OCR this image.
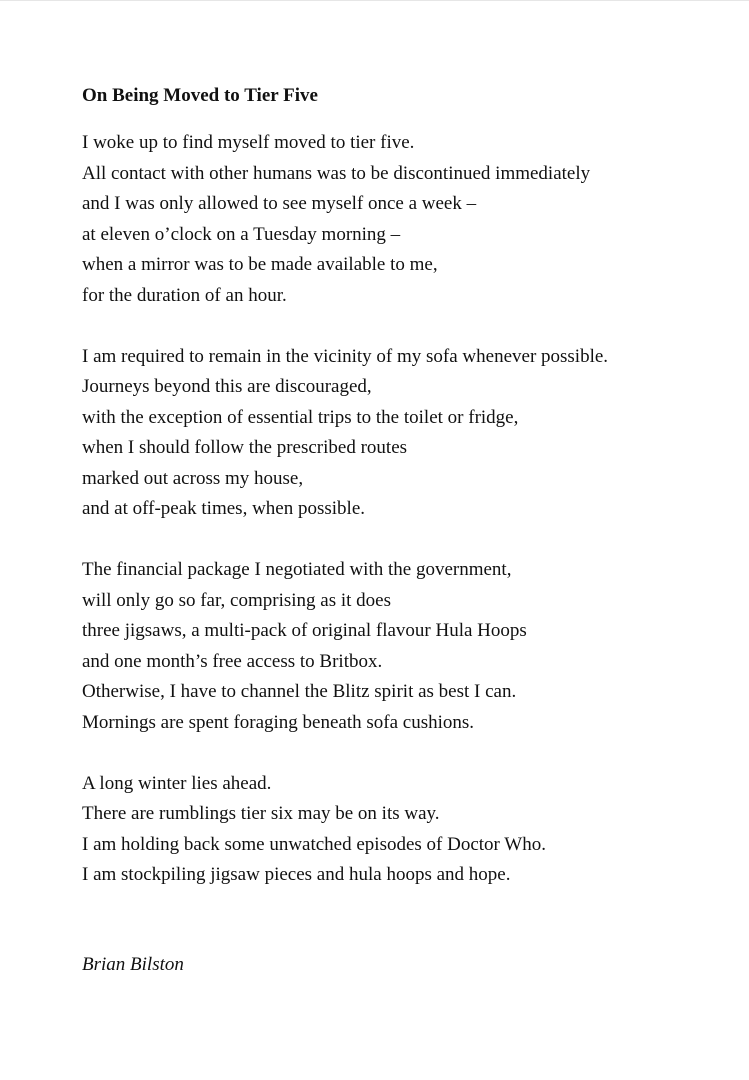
On Being Moved to Tier Five
I woke up to find myself moved to tier five.
All contact with other humans was to be discontinued immediately
and I was only allowed to see myself once a week –
at eleven o’clock on a Tuesday morning –
when a mirror was to be made available to me,
for the duration of an hour.
I am required to remain in the vicinity of my sofa whenever possible.
Journeys beyond this are discouraged,
with the exception of essential trips to the toilet or fridge,
when I should follow the prescribed routes
marked out across my house,
and at off-peak times, when possible.
The financial package I negotiated with the government,
will only go so far, comprising as it does
three jigsaws, a multi-pack of original flavour Hula Hoops
and one month’s free access to Britbox.
Otherwise, I have to channel the Blitz spirit as best I can.
Mornings are spent foraging beneath sofa cushions.
A long winter lies ahead.
There are rumblings tier six may be on its way.
I am holding back some unwatched episodes of Doctor Who.
I am stockpiling jigsaw pieces and hula hoops and hope.
Brian Bilston
